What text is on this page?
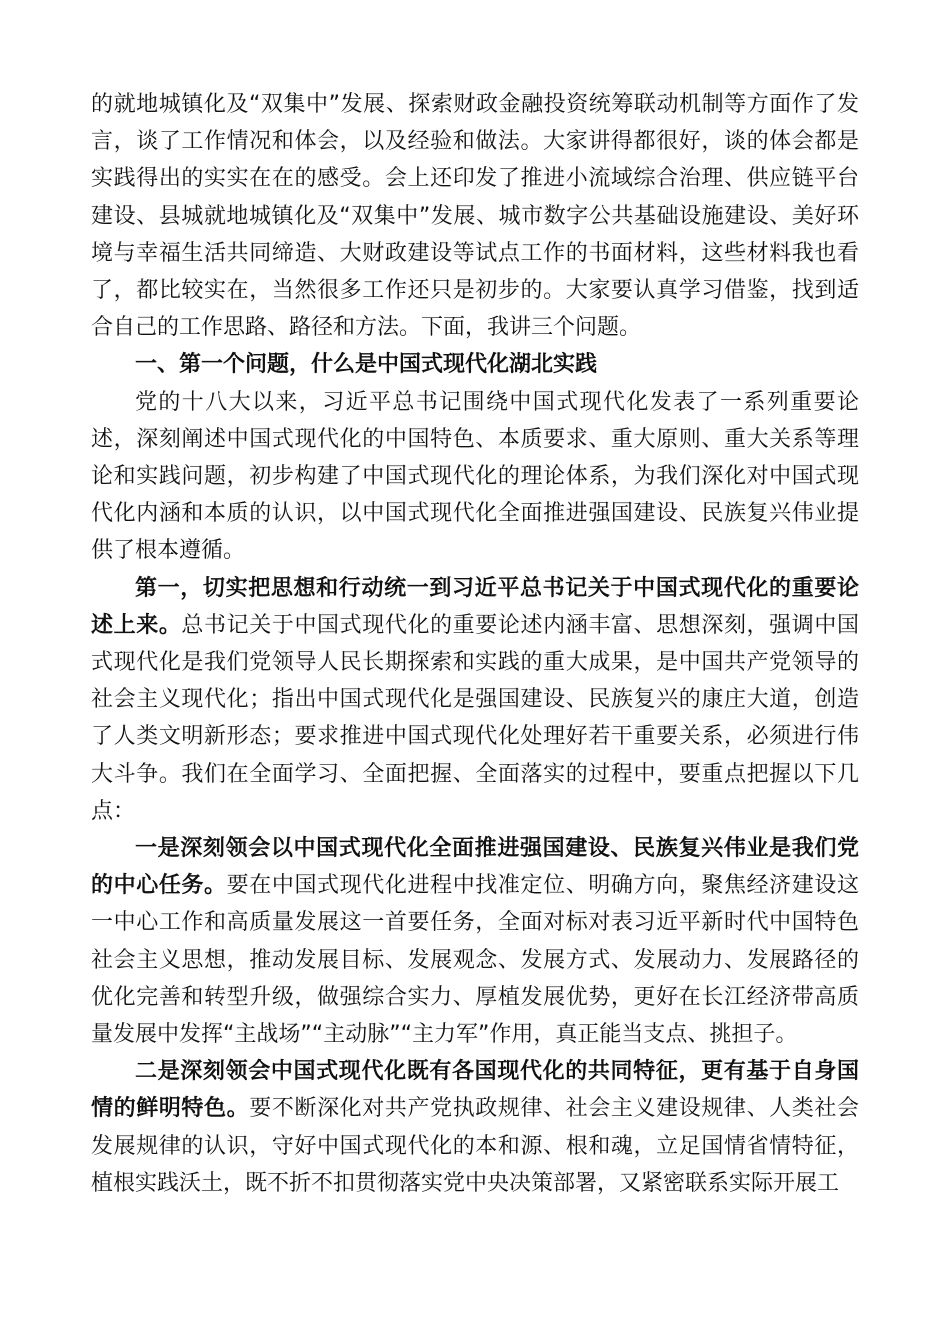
的就地城镇化及“双集中”发展、探索财政金融投资统筹联动机制等方面作了发言，谈了工作情况和体会，以及经验和做法。大家讲得都很好，谈的体会都是实践得出的实实在在的感受。会上还印发了推进小流域综合治理、供应链平台建设、县城就地城镇化及“双集中”发展、城市数字公共基础设施建设、美好环境与幸福生活共同缔造、大财政建设等试点工作的书面材料，这些材料我也看了，都比较实在，当然很多工作还只是初步的。大家要认真学习借鉴，找到适合自己的工作思路、路径和方法。下面，我讲三个问题。

一、第一个问题，什么是中国式现代化湖北实践

党的十八大以来，习近平总书记围绕中国式现代化发表了一系列重要论述，深刻阐述中国式现代化的中国特色、本质要求、重大原则、重大关系等理论和实践问题，初步构建了中国式现代化的理论体系，为我们深化对中国式现代化内涵和本质的认识，以中国式现代化全面推进强国建设、民族复兴伟业提供了根本遵循。

第一，切实把思想和行动统一到习近平总书记关于中国式现代化的重要论述上来。总书记关于中国式现代化的重要论述内涵丰富、思想深刻，强调中国式现代化是我们党领导人民长期探索和实践的重大成果，是中国共产党领导的社会主义现代化；指出中国式现代化是强国建设、民族复兴的康庄大道，创造了人类文明新形态；要求推进中国式现代化处理好若干重要关系，必须进行伟大斗争。我们在全面学习、全面把握、全面落实的过程中，要重点把握以下几点：

一是深刻领会以中国式现代化全面推进强国建设、民族复兴伟业是我们党的中心任务。要在中国式现代化进程中找准定位、明确方向，聚焦经济建设这一中心工作和高质量发展这一首要任务，全面对标对表习近平新时代中国特色社会主义思想，推动发展目标、发展观念、发展方式、发展动力、发展路径的优化完善和转型升级，做强综合实力、厚植发展优势，更好在长江经济带高质量发展中发挥“主战场”“主动脉”“主力军”作用，真正能当支点、挑担子。

二是深刻领会中国式现代化既有各国现代化的共同特征，更有基于自身国情的鲜明特色。要不断深化对共产党执政规律、社会主义建设规律、人类社会发展规律的认识，守好中国式现代化的本和源、根和魂，立足国情省情特征，植根实践沃土，既不折不扣贯彻落实党中央决策部署，又紧密联系实际开展工
